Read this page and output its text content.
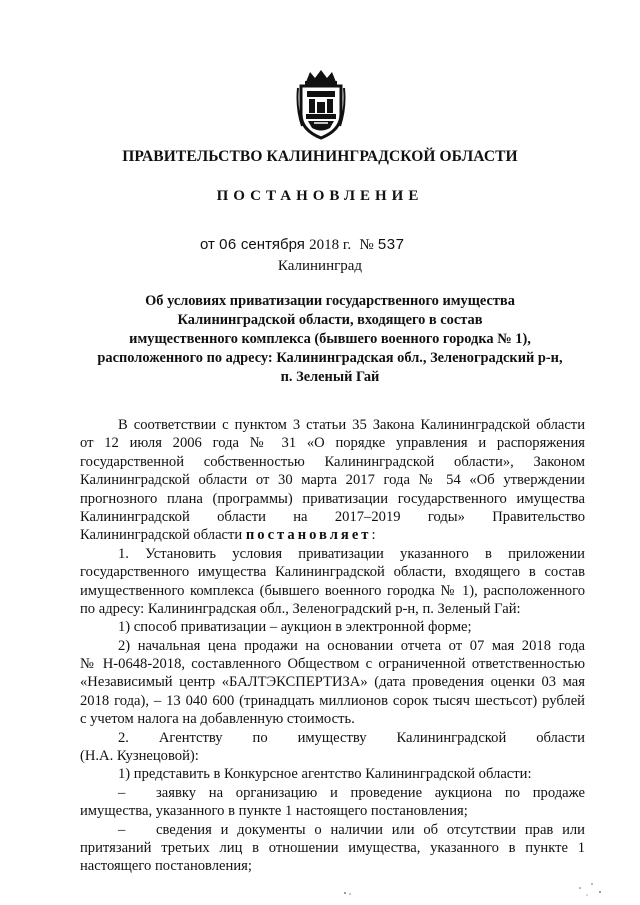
ПРАВИТЕЛЬСТВО КАЛИНИНГРАДСКОЙ ОБЛАСТИ
ПОСТАНОВЛЕНИЕ
от 06 сентября 2018 г. № 537
Калининград
Об условиях приватизации государственного имущества
Калининградской области, входящего в состав
имущественного комплекса (бывшего военного городка № 1),
расположенного по адресу: Калининградская обл., Зеленоградский р-н,
п. Зеленый Гай
В соответствии с пунктом 3 статьи 35 Закона Калининградской области
от 12 июля 2006 года № 31 «О порядке управления и распоряжения
государственной собственностью Калининградской области», Законом
Калининградской области от 30 марта 2017 года № 54 «Об утверждении
прогнозного плана (программы) приватизации государственного имущества
Калининградской области на 2017–2019 годы» Правительство
Калининградской области постановляет:
1. Установить условия приватизации указанного в приложении
государственного имущества Калининградской области, входящего в состав
имущественного комплекса (бывшего военного городка № 1), расположенного
по адресу: Калининградская обл., Зеленоградский р-н, п. Зеленый Гай:
1) способ приватизации – аукцион в электронной форме;
2) начальная цена продажи на основании отчета от 07 мая 2018 года
№ Н-0648-2018, составленного Обществом с ограниченной ответственностью
«Независимый центр «БАЛТЭКСПЕРТИЗА» (дата проведения оценки 03 мая
2018 года), – 13 040 600 (тринадцать миллионов сорок тысяч шестьсот) рублей
с учетом налога на добавленную стоимость.
2. Агентству по имуществу Калининградской области
(Н.А. Кузнецовой):
1) представить в Конкурсное агентство Калининградской области:
– заявку на организацию и проведение аукциона по продаже
имущества, указанного в пункте 1 настоящего постановления;
– сведения и документы о наличии или об отсутствии прав или
притязаний третьих лиц в отношении имущества, указанного в пункте 1
настоящего постановления;
